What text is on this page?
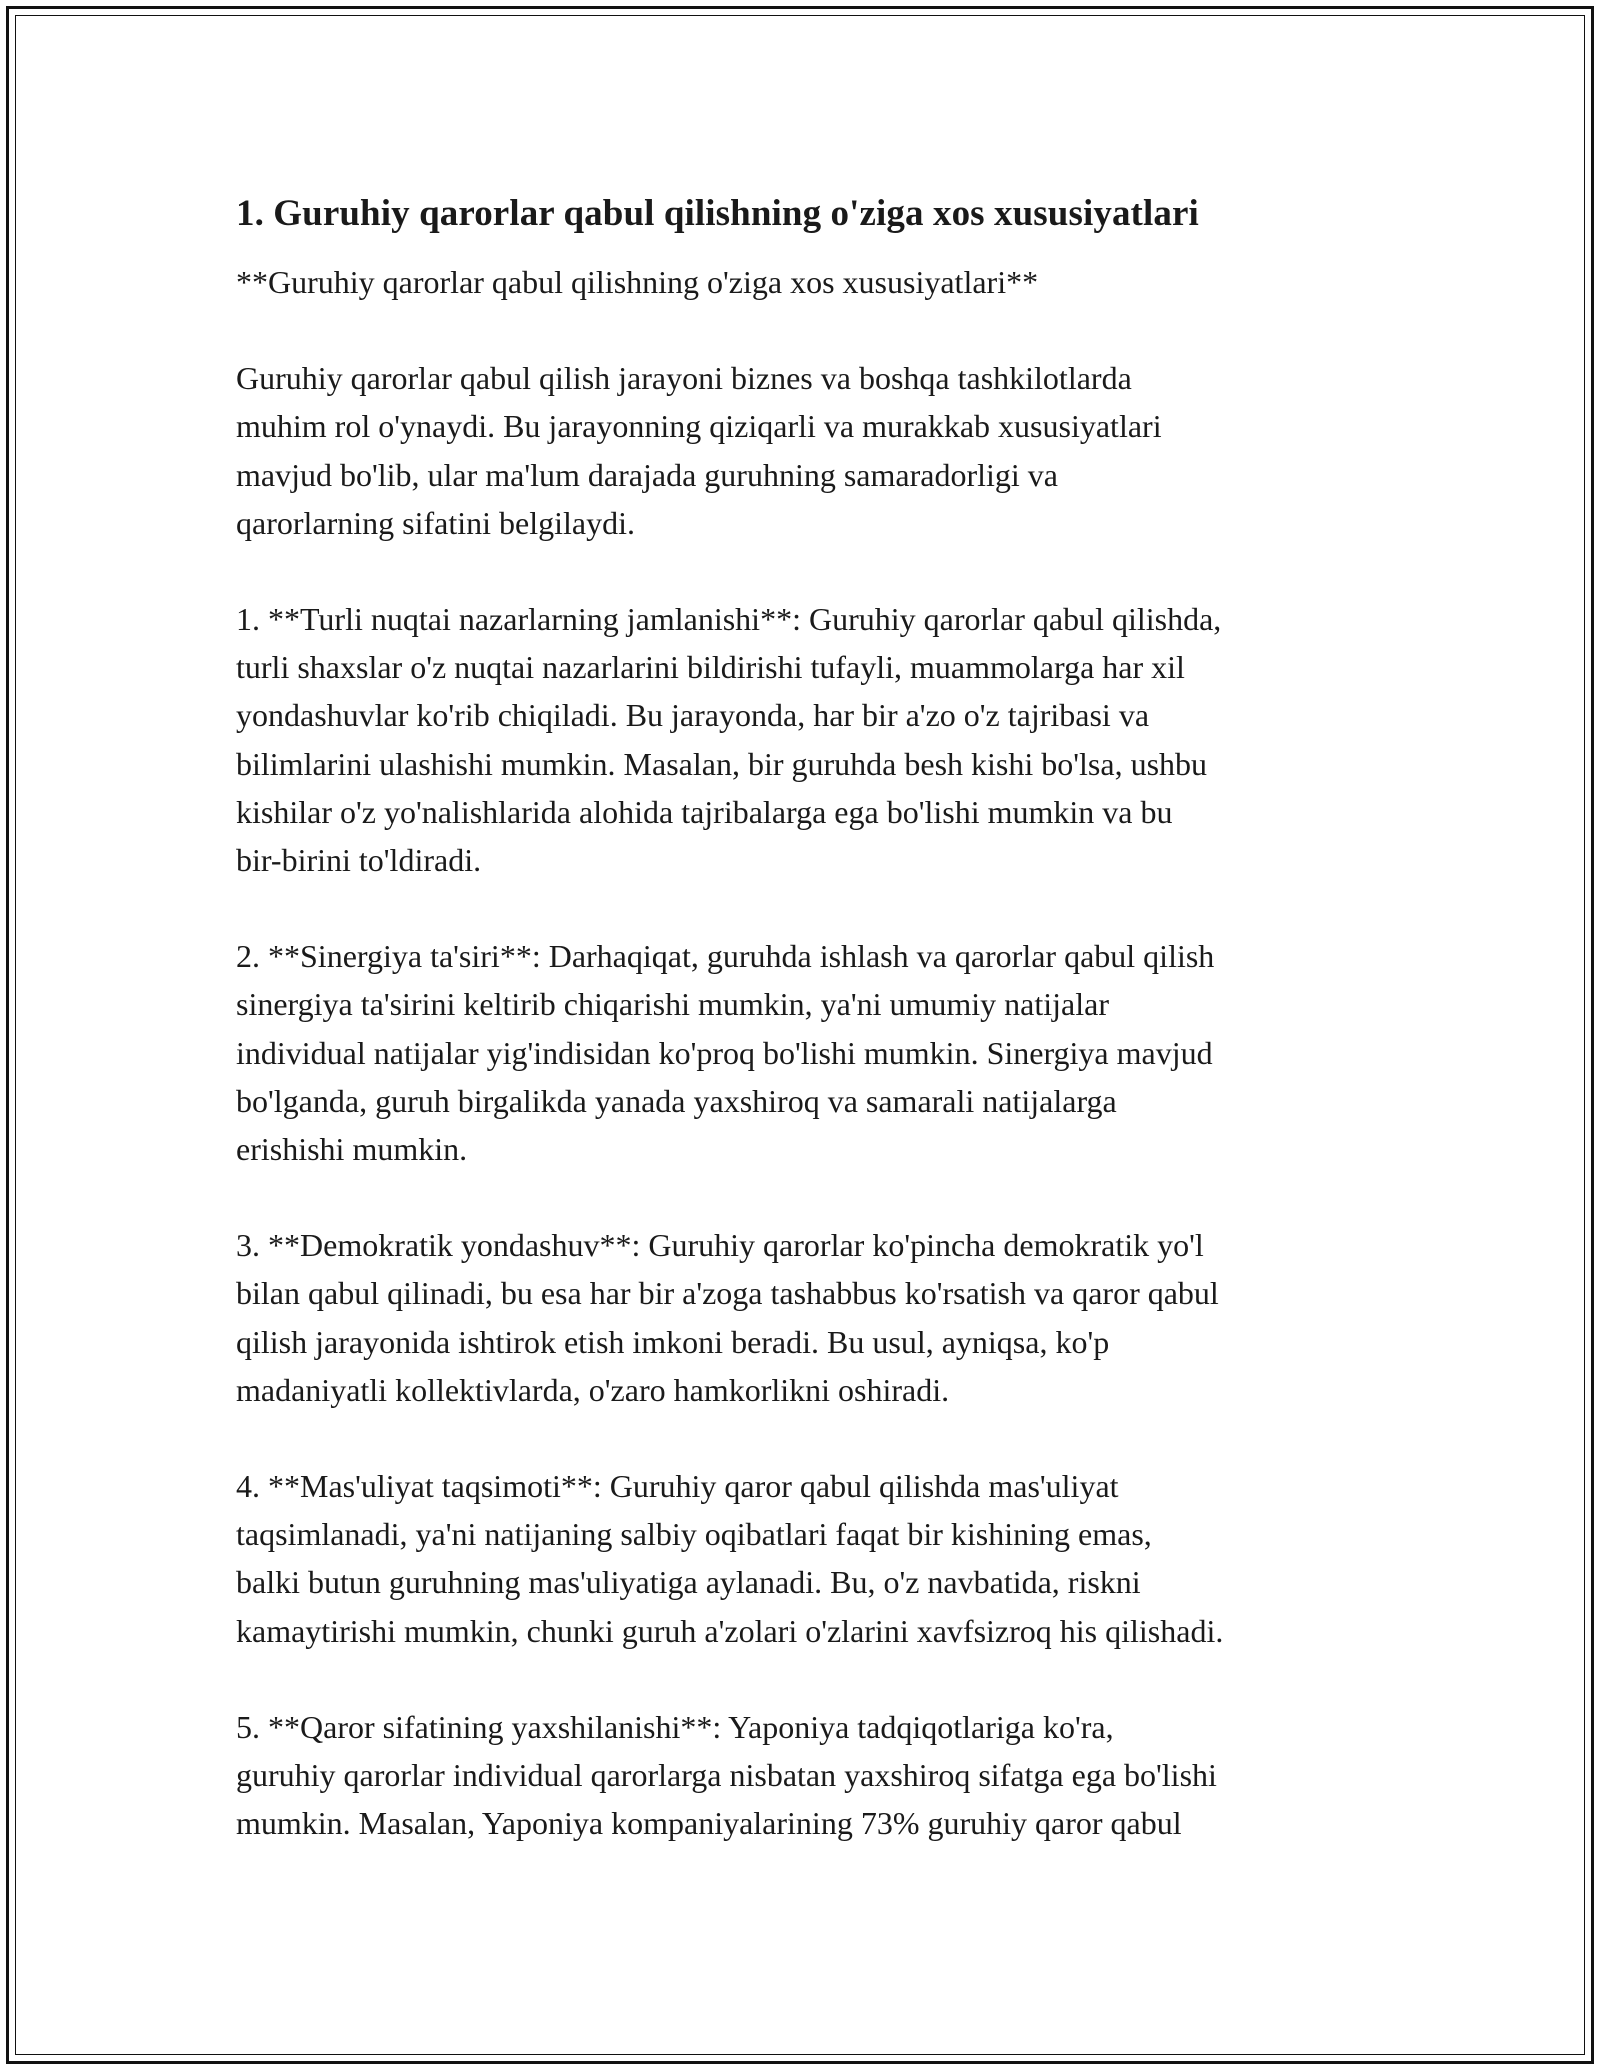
1. Guruhiy qarorlar qabul qilishning o'ziga xos xususiyatlari
**Guruhiy qarorlar qabul qilishning o'ziga xos xususiyatlari**
Guruhiy qarorlar qabul qilish jarayoni biznes va boshqa tashkilotlarda
muhim rol o'ynaydi. Bu jarayonning qiziqarli va murakkab xususiyatlari
mavjud bo'lib, ular ma'lum darajada guruhning samaradorligi va
qarorlarning sifatini belgilaydi.
1. **Turli nuqtai nazarlarning jamlanishi**: Guruhiy qarorlar qabul qilishda,
turli shaxslar o'z nuqtai nazarlarini bildirishi tufayli, muammolarga har xil
yondashuvlar ko'rib chiqiladi. Bu jarayonda, har bir a'zo o'z tajribasi va
bilimlarini ulashishi mumkin. Masalan, bir guruhda besh kishi bo'lsa, ushbu
kishilar o'z yo'nalishlarida alohida tajribalarga ega bo'lishi mumkin va bu
bir-birini to'ldiradi.
2. **Sinergiya ta'siri**: Darhaqiqat, guruhda ishlash va qarorlar qabul qilish
sinergiya ta'sirini keltirib chiqarishi mumkin, ya'ni umumiy natijalar
individual natijalar yig'indisidan ko'proq bo'lishi mumkin. Sinergiya mavjud
bo'lganda, guruh birgalikda yanada yaxshiroq va samarali natijalarga
erishishi mumkin.
3. **Demokratik yondashuv**: Guruhiy qarorlar ko'pincha demokratik yo'l
bilan qabul qilinadi, bu esa har bir a'zoga tashabbus ko'rsatish va qaror qabul
qilish jarayonida ishtirok etish imkoni beradi. Bu usul, ayniqsa, ko'p
madaniyatli kollektivlarda, o'zaro hamkorlikni oshiradi.
4. **Mas'uliyat taqsimoti**: Guruhiy qaror qabul qilishda mas'uliyat
taqsimlanadi, ya'ni natijaning salbiy oqibatlari faqat bir kishining emas,
balki butun guruhning mas'uliyatiga aylanadi. Bu, o'z navbatida, riskni
kamaytirishi mumkin, chunki guruh a'zolari o'zlarini xavfsizroq his qilishadi.
5. **Qaror sifatining yaxshilanishi**: Yaponiya tadqiqotlariga ko'ra,
guruhiy qarorlar individual qarorlarga nisbatan yaxshiroq sifatga ega bo'lishi
mumkin. Masalan, Yaponiya kompaniyalarining 73% guruhiy qaror qabul
